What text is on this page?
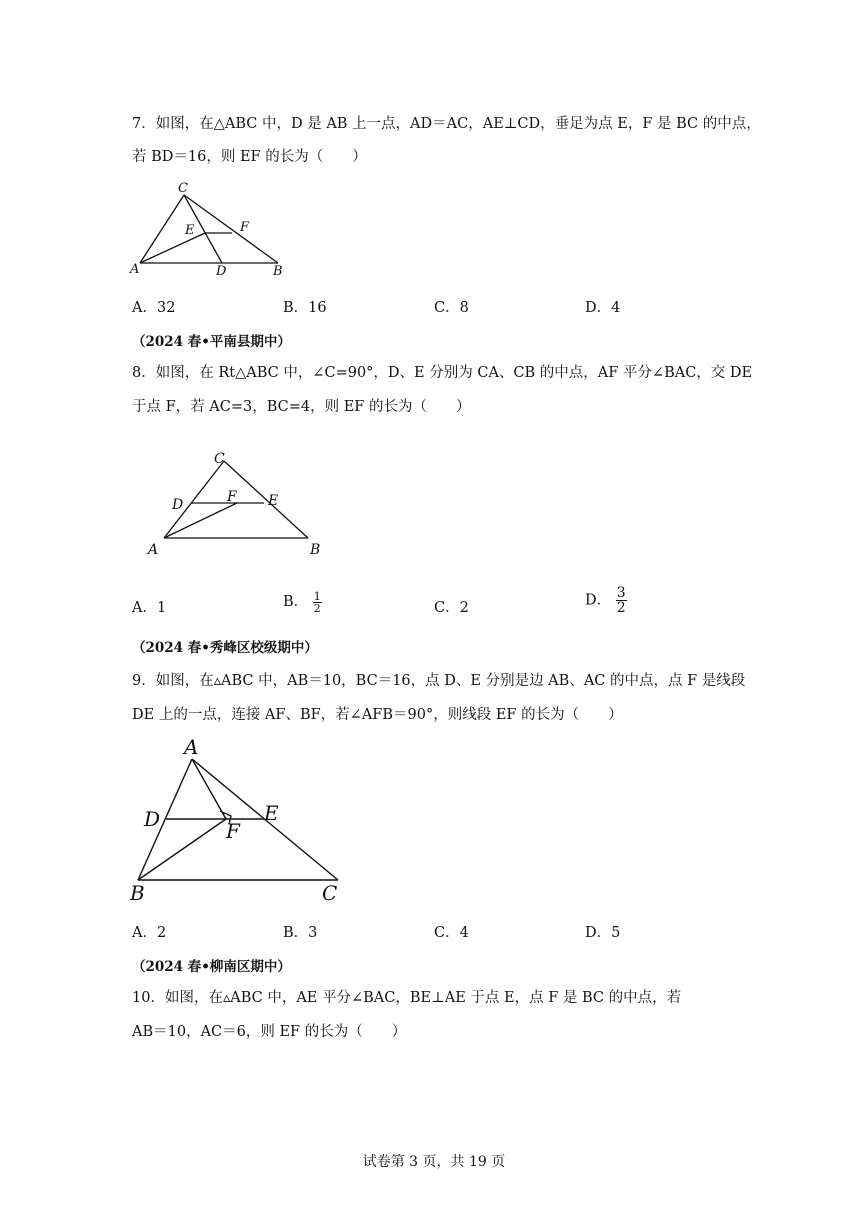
7．如图，在△ABC 中，D 是 AB 上一点，AD＝AC，AE⊥CD，垂足为点 E，F 是 BC 的中点，
若 BD＝16，则 EF 的长为（　　）
C
A	D	B
E	F
A．32	B．16	C．8	D．4
（2024 春•平南县期中）
8．如图，在 Rt△ABC 中，∠C=90°，D、E 分别为 CA、CB 的中点，AF 平分∠BAC，交 DE
于点 F，若 AC=3，BC=4，则 EF 的长为（　　）
C
D	F E
A	B
A．1	B． $\frac{1}{2}$	C．2	D． $\frac{3}{2}$
（2024 春•秀峰区校级期中）
9．如图，在▵ABC 中，AB＝10，BC＝16，点 D、E 分别是边 AB、AC 的中点，点 F 是线段
DE 上的一点，连接 AF、BF，若∠AFB＝90°，则线段 EF 的长为（　　）
A
D	E
F
B	C
A．2	B．3	C．4	D．5
（2024 春•柳南区期中）
10．如图，在▵ABC 中，AE 平分∠BAC，BE⊥AE 于点 E，点 F 是 BC 的中点，若
AB＝10，AC＝6，则 EF 的长为（　　）
试卷第 3 页，共 19 页
